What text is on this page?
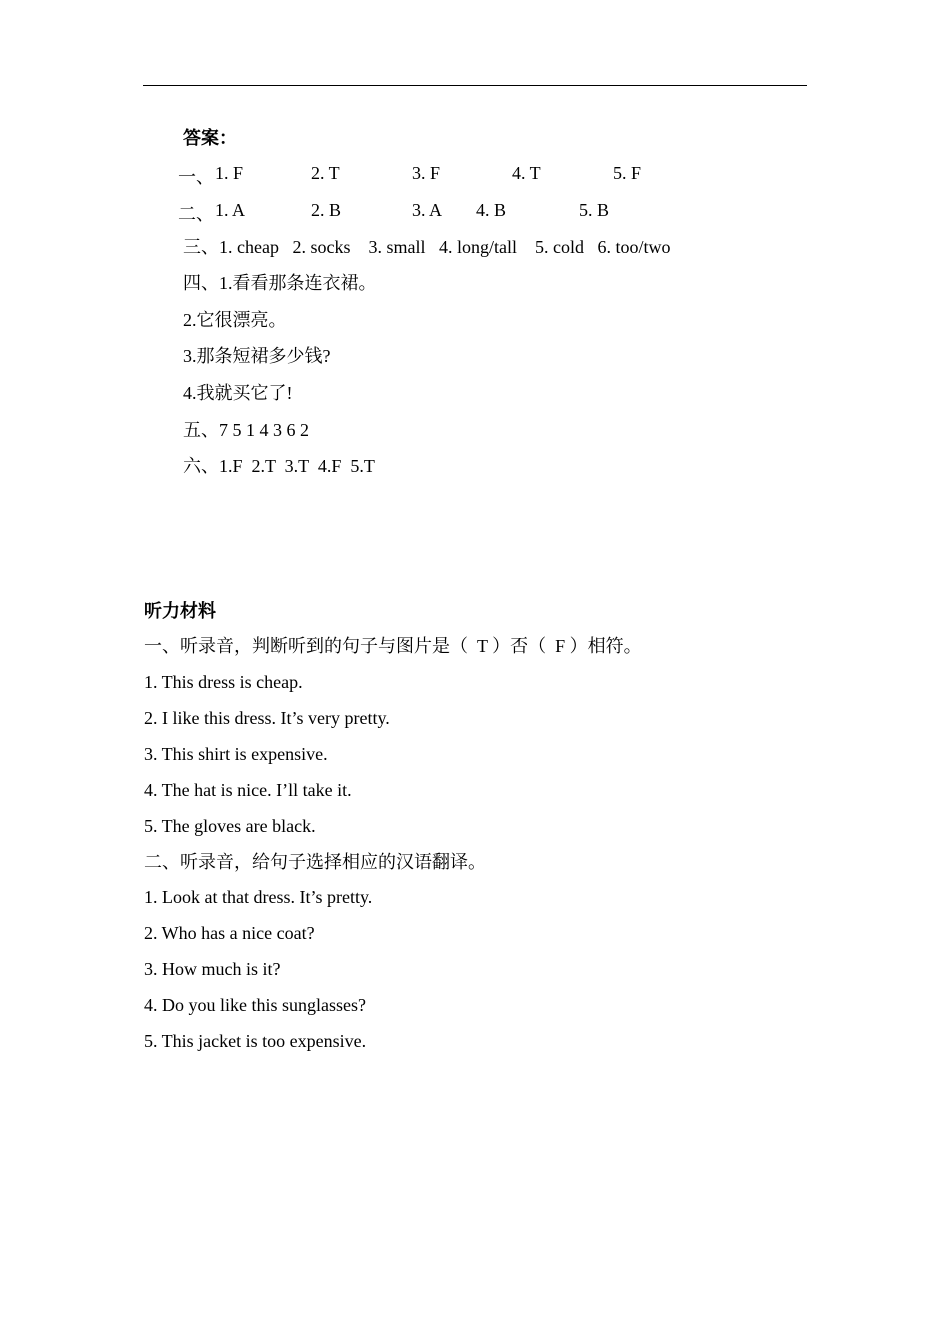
答案：
一、 1. F	2. T	3. F	4. T	5. F
二、 1. A	2. B	3. A 4. B	5. B
三、1. cheap   2. socks    3. small   4. long/tall    5. cold   6. too/two
四、1.看看那条连衣裙。
2.它很漂亮。
3.那条短裙多少钱?
4.我就买它了!
五、7 5 1 4 3 6 2
六、1.F  2.T  3.T  4.F  5.T
听力材料
一、听录音，判断听到的句子与图片是（  T ）否（  F ）相符。
1. This dress is cheap.
2. I like this dress. It’s very pretty.
3. This shirt is expensive.
4. The hat is nice. I’ll take it.
5. The gloves are black.
二、听录音，给句子选择相应的汉语翻译。
1. Look at that dress. It’s pretty.
2. Who has a nice coat?
3. How much is it?
4. Do you like this sunglasses?
5. This jacket is too expensive.
